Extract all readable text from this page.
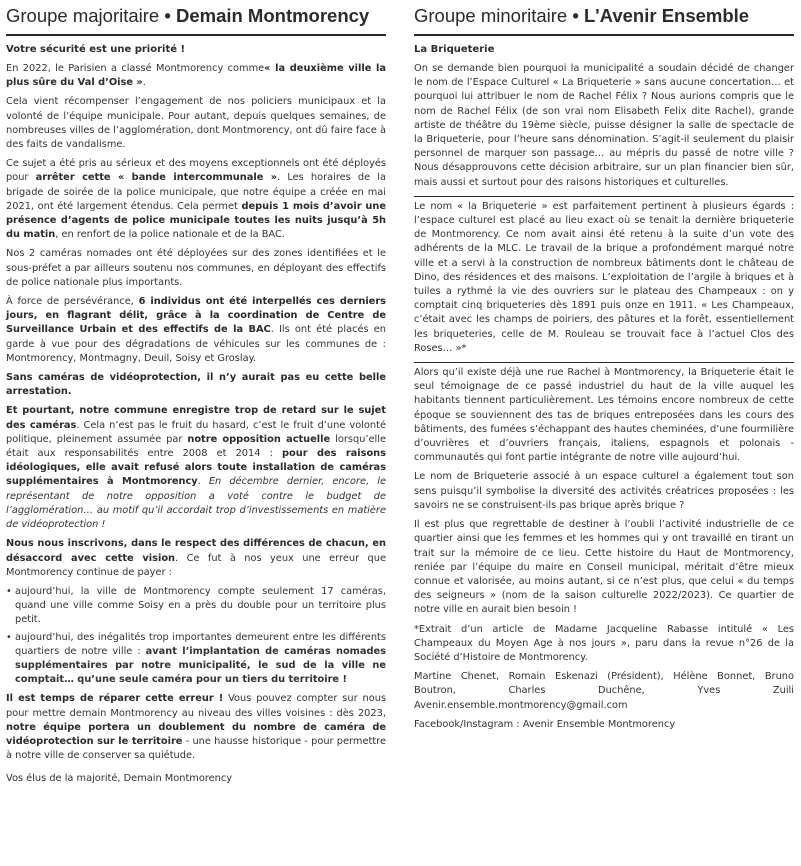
Groupe majoritaire • Demain Montmorency
Votre sécurité est une priorité !

En 2022, le Parisien a classé Montmorency comme« la deuxième ville la plus sûre du Val d’Oise ».

Cela vient récompenser l’engagement de nos policiers municipaux et la volonté de l’équipe municipale. Pour autant, depuis quelques semaines, de nombreuses villes de l’agglomération, dont Montmorency, ont dû faire face à des faits de vandalisme.

Ce sujet a été pris au sérieux et des moyens exceptionnels ont été déployés pour arrêter cette « bande intercommunale ». Les horaires de la brigade de soirée de la police municipale, que notre équipe a créée en mai 2021, ont été largement étendus. Cela permet depuis 1 mois d’avoir une présence d’agents de police municipale toutes les nuits jusqu’à 5h du matin, en renfort de la police nationale et de la BAC.

Nos 2 caméras nomades ont été déployées sur des zones identifiées et le sous-préfet a par ailleurs soutenu nos communes, en déployant des effectifs de police nationale plus importants.

À force de persévérance, 6 individus ont été interpellés ces derniers jours, en flagrant délit, grâce à la coordination de Centre de Surveillance Urbain et des effectifs de la BAC. Ils ont été placés en garde à vue pour des dégradations de véhicules sur les communes de : Montmorency, Montmagny, Deuil, Soisy et Groslay.

Sans caméras de vidéoprotection, il n’y aurait pas eu cette belle arrestation.

Et pourtant, notre commune enregistre trop de retard sur le sujet des caméras. Cela n’est pas le fruit du hasard, c’est le fruit d’une volonté politique, pleinement assumée par notre opposition actuelle lorsqu’elle était aux responsabilités entre 2008 et 2014 : pour des raisons idéologiques, elle avait refusé alors toute installation de caméras supplémentaires à Montmorency. En décembre dernier, encore, le représentant de notre opposition a voté contre le budget de l’agglomération… au motif qu’il accordait trop d’investissements en matière de vidéoprotection !

Nous nous inscrivons, dans le respect des différences de chacun, en désaccord avec cette vision. Ce fut à nos yeux une erreur que Montmorency continue de payer :

• aujourd’hui, la ville de Montmorency compte seulement 17 caméras, quand une ville comme Soisy en a près du double pour un territoire plus petit.
• aujourd’hui, des inégalités trop importantes demeurent entre les différents quartiers de notre ville : avant l’implantation de caméras nomades supplémentaires par notre municipalité, le sud de la ville ne comptait… qu’une seule caméra pour un tiers du territoire !

Il est temps de réparer cette erreur ! Vous pouvez compter sur nous pour mettre demain Montmorency au niveau des villes voisines : dès 2023, notre équipe portera un doublement du nombre de caméra de vidéoprotection sur le territoire - une hausse historique - pour permettre à notre ville de conserver sa quiétude.

Vos élus de la majorité, Demain Montmorency

Groupe minoritaire • L'Avenir Ensemble
La Briqueterie

On se demande bien pourquoi la municipalité a soudain décidé de changer le nom de l’Espace Culturel « La Briqueterie » sans aucune concertation… et pourquoi lui attribuer le nom de Rachel Félix ? Nous aurions compris que le nom de Rachel Félix (de son vrai nom Elisabeth Felix dite Rachel), grande artiste de théâtre du 19ème siècle, puisse désigner la salle de spectacle de la Briqueterie, pour l’heure sans dénomination. S’agit-il seulement du plaisir personnel de marquer son passage… au mépris du passé de notre ville ? Nous désapprouvons cette décision arbitraire, sur un plan financier bien sûr, mais aussi et surtout pour des raisons historiques et culturelles.

Le nom « la Briqueterie » est parfaitement pertinent à plusieurs égards : l’espace culturel est placé au lieu exact où se tenait la dernière briqueterie de Montmorency. Ce nom avait ainsi été retenu à la suite d’un vote des adhérents de la MLC. Le travail de la brique a profondément marqué notre ville et a servi à la construction de nombreux bâtiments dont le château de Dino, des résidences et des maisons. L’exploitation de l’argile à briques et à tuiles a rythmé la vie des ouvriers sur le plateau des Champeaux : on y comptait cinq briqueteries dès 1891 puis onze en 1911. « Les Champeaux, c’était avec les champs de poiriers, des pâtures et la forêt, essentiellement les briqueteries, celle de M. Rouleau se trouvait face à l’actuel Clos des Roses… »*

Alors qu’il existe déjà une rue Rachel à Montmorency, la Briqueterie était le seul témoignage de ce passé industriel du haut de la ville auquel les habitants tiennent particulièrement. Les témoins encore nombreux de cette époque se souviennent des tas de briques entreposées dans les cours des bâtiments, des fumées s’échappant des hautes cheminées, d’une fourmilière d’ouvrières et d’ouvriers français, italiens, espagnols et polonais - communautés qui font partie intégrante de notre ville aujourd’hui.

Le nom de Briqueterie associé à un espace culturel a également tout son sens puisqu’il symbolise la diversité des activités créatrices proposées : les savoirs ne se construisent-ils pas brique après brique ?

Il est plus que regrettable de destiner à l’oubli l’activité industrielle de ce quartier ainsi que les femmes et les hommes qui y ont travaillé en tirant un trait sur la mémoire de ce lieu. Cette histoire du Haut de Montmorency, reniée par l’équipe du maire en Conseil municipal, méritait d’être mieux connue et valorisée, au moins autant, si ce n’est plus, que celui « du temps des seigneurs » (nom de la saison culturelle 2022/2023). Ce quartier de notre ville en aurait bien besoin !

*Extrait d’un article de Madame Jacqueline Rabasse intitulé « Les Champeaux du Moyen Age à nos jours », paru dans la revue n°26 de la Société d’Histoire de Montmorency.

Martine Chenet, Romain Eskenazi (Président), Hélène Bonnet, Bruno Boutron, Charles Duchêne, Yves Zuili Avenir.ensemble.montmorency@gmail.com

Facebook/Instagram : Avenir Ensemble Montmorency
